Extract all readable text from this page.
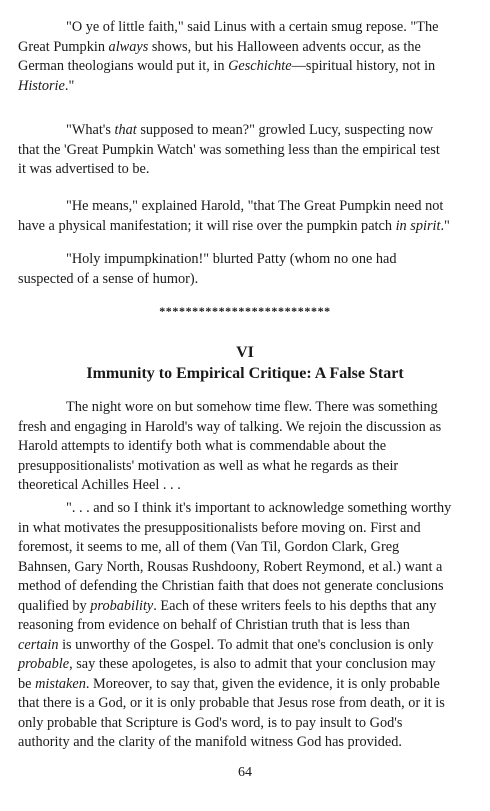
"O ye of little faith," said Linus with a certain smug repose. "The
Great Pumpkin always shows, but his Halloween advents occur, as the
German theologians would put it, in Geschichte—spiritual history, not in
Historie."
"What's that supposed to mean?" growled Lucy, suspecting now
that the 'Great Pumpkin Watch' was something less than the empirical test
it was advertised to be.
"He means," explained Harold, "that The Great Pumpkin need not
have a physical manifestation; it will rise over the pumpkin patch in spirit."
"Holy impumpkination!" blurted Patty (whom no one had
suspected of a sense of humor).
**************************
VI
Immunity to Empirical Critique: A False Start
The night wore on but somehow time flew. There was something
fresh and engaging in Harold's way of talking. We rejoin the discussion as
Harold attempts to identify both what is commendable about the
presuppositionalists' motivation as well as what he regards as their
theoretical Achilles Heel . . .
". . . and so I think it's important to acknowledge something worthy
in what motivates the presuppositionalists before moving on. First and
foremost, it seems to me, all of them (Van Til, Gordon Clark, Greg
Bahnsen, Gary North, Rousas Rushdoony, Robert Reymond, et al.) want a
method of defending the Christian faith that does not generate conclusions
qualified by probability. Each of these writers feels to his depths that any
reasoning from evidence on behalf of Christian truth that is less than
certain is unworthy of the Gospel. To admit that one's conclusion is only
probable, say these apologetes, is also to admit that your conclusion may
be mistaken. Moreover, to say that, given the evidence, it is only probable
that there is a God, or it is only probable that Jesus rose from death, or it is
only probable that Scripture is God's word, is to pay insult to God's
authority and the clarity of the manifold witness God has provided.
64
